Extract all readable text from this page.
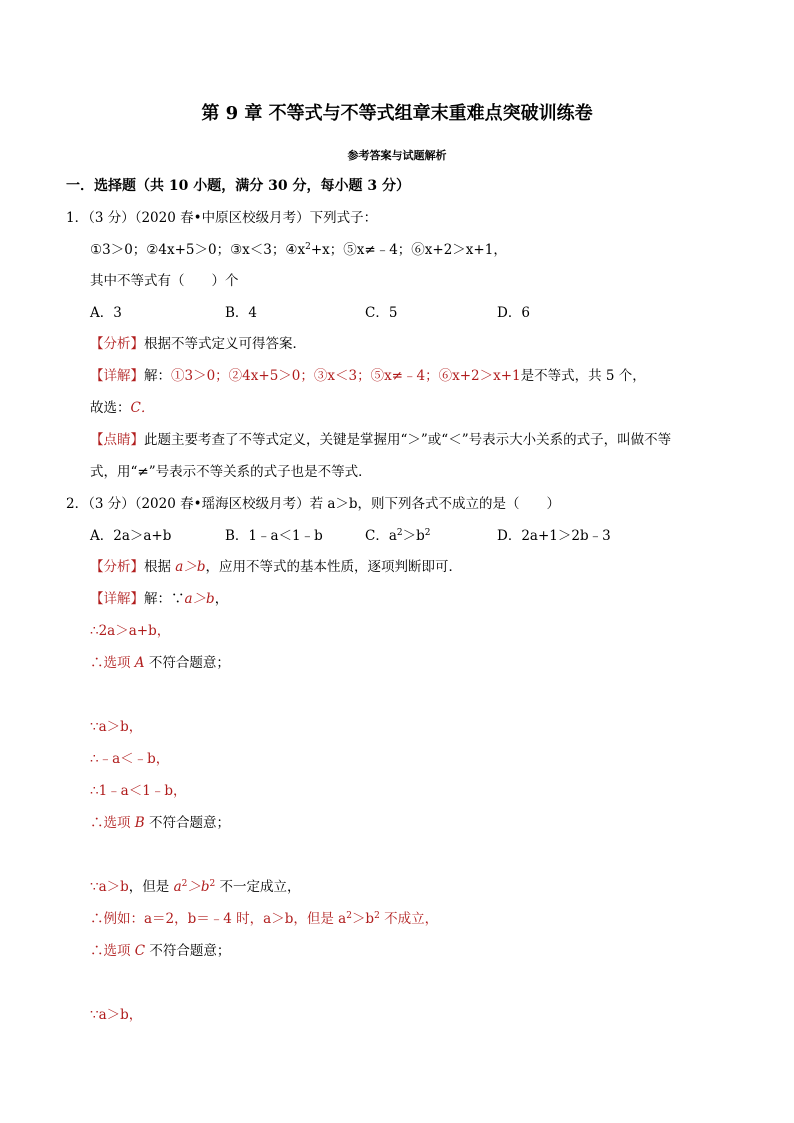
第 9 章 不等式与不等式组章末重难点突破训练卷
参考答案与试题解析
一．选择题（共 10 小题，满分 30 分，每小题 3 分）
1．（3 分）（2020 春•中原区校级月考）下列式子：
①3＞0；②4x+5＞0；③x＜3；$④x^2+x$；⑤x≠﹣4；⑥x+2＞x+1，
其中不等式有（　　）个
A．3	B．4	C．5	D．6
【分析】根据不等式定义可得答案．
【详解】解：①3＞0；②4x+5＞0；③x＜3；⑤x≠﹣4；⑥x+2＞x+1是不等式，共 5 个，
故选：C．
【点睛】此题主要考查了不等式定义，关键是掌握用“＞”或“＜”号表示大小关系的式子，叫做不等
式，用“≠”号表示不等关系的式子也是不等式．
2．（3 分）（2020 春•瑶海区校级月考）若 a＞b，则下列各式不成立的是（　　）
A．2a＞a+b	B．1﹣a＜1﹣b	C．$a^2>b^2$	D．2a+1＞2b﹣3
【分析】根据 a＞b，应用不等式的基本性质，逐项判断即可．
【详解】解：∵a＞b，
∴2a＞a+b，
∴选项 A 不符合题意；
∵a＞b，
∴﹣a＜﹣b，
∴1﹣a＜1﹣b，
∴选项 B 不符合题意；
∵a＞b，但是 $a^2>b^2$ 不一定成立，
∴例如：a＝2，b＝﹣4 时，a＞b，但是 $a^2>b^2$ 不成立，
∴选项 C 不符合题意；
∵a＞b，
